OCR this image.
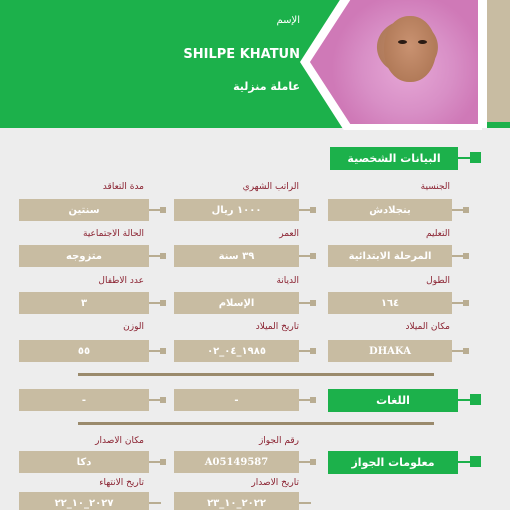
الإسم
SHILPE KHATUN
عاملة منزلية
البيانات الشخصية
الجنسية
بنجلادش
الراتب الشهري
١٠٠٠ ريال
مدة التعاقد
سنتين
التعليم
المرحلة الابتدائية
العمر
٣٩ سنة
الحالة الاجتماعية
متزوجه
الطول
١٦٤
الديانة
الإسلام
عدد الاطفال
٣
مكان الميلاد
DHAKA
تاريخ الميلاد
١٩٨٥_٠٤_٠٢
الوزن
٥٥
-	-	اللغات
رقم الجواز
A05149587
مكان الاصدار
دكا	معلومات الجواز
تاريخ الاصدار
٢٠٢٢_١٠_٢٣
تاريخ الانتهاء
٢٠٢٧_١٠_٢٢
